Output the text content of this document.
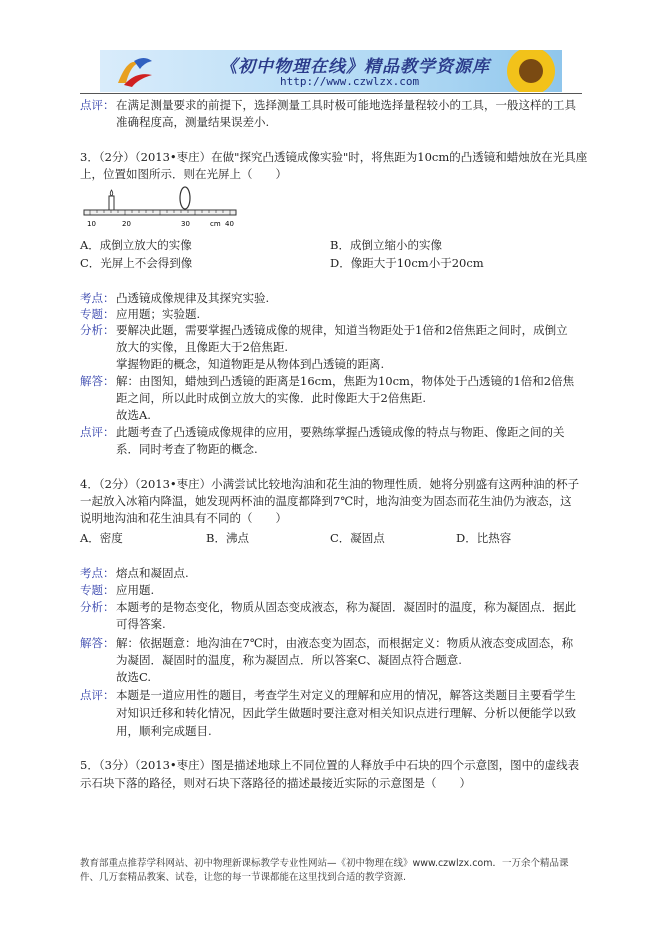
《初中物理在线》精品教学资源库
http://www.czwlzx.com
点评： 在满足测量要求的前提下，选择测量工具时极可能地选择量程较小的工具，一般这样的工具
准确程度高，测量结果误差小.
3．（2分）（2013•枣庄）在做"探究凸透镜成像实验"时，将焦距为10cm的凸透镜和蜡烛放在光具座
上，位置如图所示．则在光屏上（　　）
10	20	30	cm 40
A．成倒立放大的实像	B．成倒立缩小的实像
C．光屏上不会得到像	D．像距大于10cm小于20cm
考点： 凸透镜成像规律及其探究实验.
专题： 应用题；实验题.
分析： 要解决此题，需要掌握凸透镜成像的规律，知道当物距处于1倍和2倍焦距之间时，成倒立
放大的实像，且像距大于2倍焦距.
掌握物距的概念，知道物距是从物体到凸透镜的距离.
解答： 解：由图知，蜡烛到凸透镜的距离是16cm，焦距为10cm，物体处于凸透镜的1倍和2倍焦
距之间，所以此时成倒立放大的实像．此时像距大于2倍焦距.
故选A.
点评： 此题考查了凸透镜成像规律的应用，要熟练掌握凸透镜成像的特点与物距、像距之间的关
系．同时考查了物距的概念.
4．（2分）（2013•枣庄）小满尝试比较地沟油和花生油的物理性质．她将分别盛有这两种油的杯子
一起放入冰箱内降温，她发现两杯油的温度都降到7℃时，地沟油变为固态而花生油仍为液态，这
说明地沟油和花生油具有不同的（　　）
A．密度	B．沸点	C．凝固点	D．比热容
考点： 熔点和凝固点.
专题： 应用题.
分析： 本题考的是物态变化，物质从固态变成液态，称为凝固．凝固时的温度，称为凝固点．据此
可得答案.
解答： 解：依据题意：地沟油在7℃时，由液态变为固态，而根据定义：物质从液态变成固态，称
为凝固．凝固时的温度，称为凝固点．所以答案C、凝固点符合题意.
故选C.
点评： 本题是一道应用性的题目，考查学生对定义的理解和应用的情况，解答这类题目主要看学生
对知识迁移和转化情况，因此学生做题时要注意对相关知识点进行理解、分析以便能学以致
用，顺利完成题目.
5．（3分）（2013•枣庄）图是描述地球上不同位置的人释放手中石块的四个示意图，图中的虚线表
示石块下落的路径，则对石块下落路径的描述最接近实际的示意图是（　　）
教育部重点推荐学科网站、初中物理新课标教学专业性网站—《初中物理在线》www.czwlzx.com．一万余个精品课
件、几万套精品教案、试卷，让您的每一节课都能在这里找到合适的教学资源.
